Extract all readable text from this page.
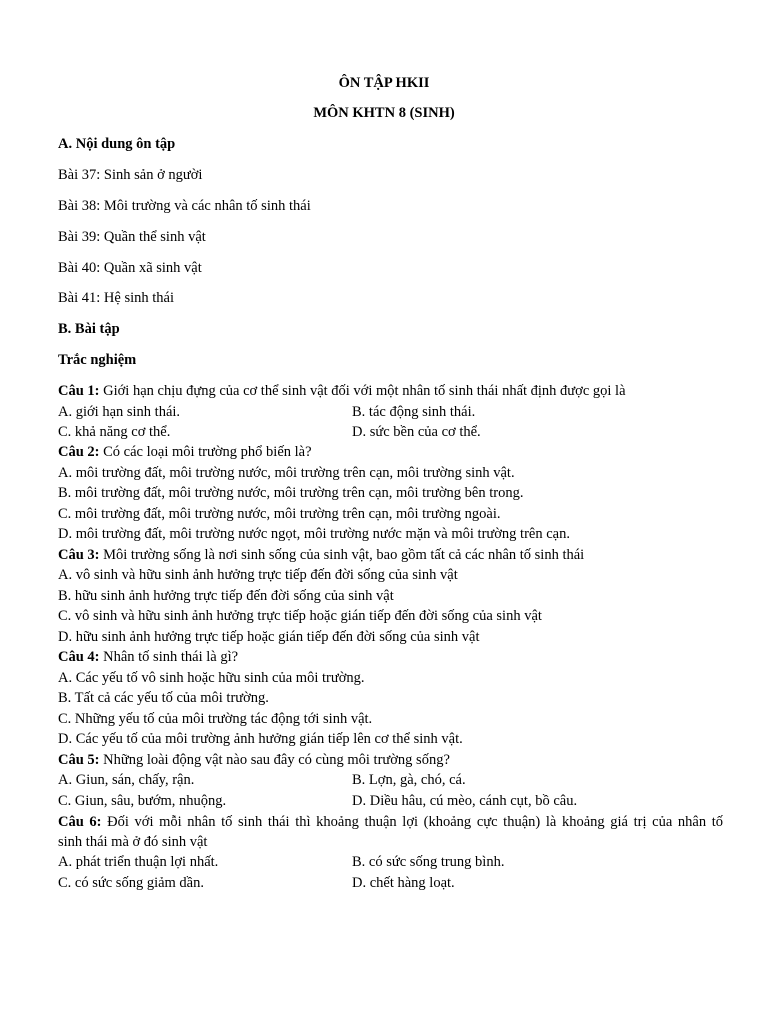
ÔN TẬP HKII
MÔN KHTN 8 (SINH)
A. Nội dung ôn tập
Bài 37: Sinh sản ở người
Bài 38: Môi trường và các nhân tố sinh thái
Bài 39: Quần thể sinh vật
Bài 40: Quần xã sinh vật
Bài 41: Hệ sinh thái
B. Bài tập
Trắc nghiệm
Câu 1: Giới hạn chịu đựng của cơ thể sinh vật đối với một nhân tố sinh thái nhất định được gọi là
A. giới hạn sinh thái.	B. tác động sinh thái.
C. khả năng cơ thể.	D. sức bền của cơ thể.
Câu 2: Có các loại môi trường phổ biến là?
A. môi trường đất, môi trường nước, môi trường trên cạn, môi trường sinh vật.
B. môi trường đất, môi trường nước, môi trường trên cạn, môi trường bên trong.
C. môi trường đất, môi trường nước, môi trường trên cạn, môi trường ngoài.
D. môi trường đất, môi trường nước ngọt, môi trường nước mặn và môi trường trên cạn.
Câu 3: Môi trường sống là nơi sinh sống của sinh vật, bao gồm tất cả các nhân tố sinh thái
A. vô sinh và hữu sinh ảnh hưởng trực tiếp đến đời sống của sinh vật
B. hữu sinh ảnh hưởng trực tiếp đến đời sống của sinh vật
C. vô sinh và hữu sinh ảnh hưởng trực tiếp hoặc gián tiếp đến đời sống của sinh vật
D. hữu sinh ảnh hưởng trực tiếp hoặc gián tiếp đến đời sống của sinh vật
Câu 4: Nhân tố sinh thái là gì?
A. Các yếu tố vô sinh hoặc hữu sinh của môi trường.
B. Tất cả các yếu tố của môi trường.
C. Những yếu tố của môi trường tác động tới sinh vật.
D. Các yếu tố của môi trường ảnh hưởng gián tiếp lên cơ thể sinh vật.
Câu 5: Những loài động vật nào sau đây có cùng môi trường sống?
A. Giun, sán, chấy, rận.	B. Lợn, gà, chó, cá.
C. Giun, sâu, bướm, nhuộng.	D. Diều hâu, cú mèo, cánh cụt, bồ câu.
Câu 6: Đối với mỗi nhân tố sinh thái thì khoảng thuận lợi (khoảng cực thuận) là khoảng giá trị của nhân tố
sinh thái mà ở đó sinh vật
A. phát triển thuận lợi nhất.	B. có sức sống trung bình.
C. có sức sống giảm dần.	D. chết hàng loạt.
